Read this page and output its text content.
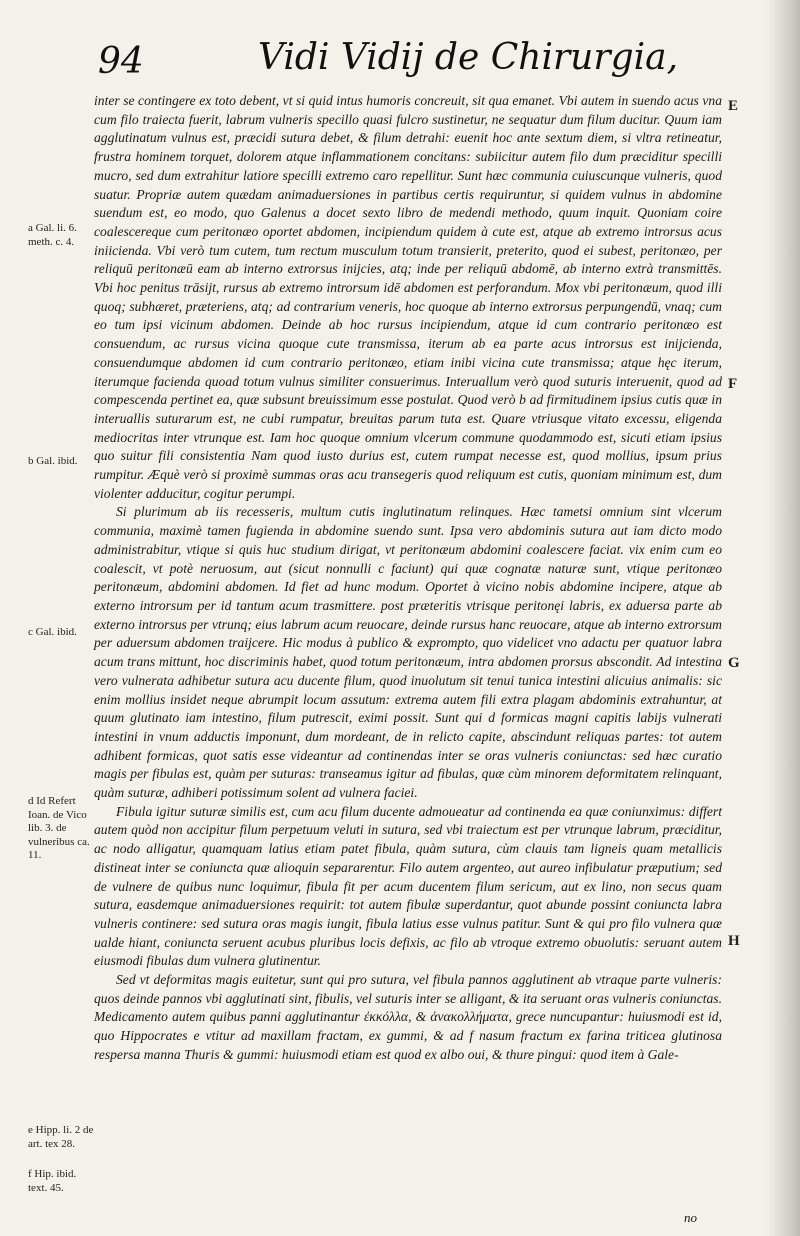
94	Vidi Vidij de Chirurgia,

inter se contingere ex toto debent, vt si quid intus humoris concreuit, sit qua emanet. Vbi autem in suendo acus vna cum filo traiecta fuerit, labrum vulneris specillo quasi fulcro sustinetur, ne sequatur dum filum ducitur. Quum iam agglutinatum vulnus est, præcidi sutura debet, & filum detrahi: euenit hoc ante sextum diem, si vltra retineatur, frustra hominem torquet, dolorem atque inflammationem concitans: subiicitur autem filo dum præciditur specilli mucro, sed dum extrahitur latiore specilli extremo caro repellitur. Sunt hæc communia cuiuscunque vulneris, quod suatur. Propriæ autem quædam animaduersiones in partibus certis requiruntur, si quidem vulnus in abdomine suendum est, eo modo, quo Galenus a docet sexto libro de medendi methodo, quum inquit. Quoniam coire coalescereque cum peritonæo oportet abdomen, incipiendum quidem à cute est, atque ab extremo introrsus acus iniicienda. Vbi verò tum cutem, tum rectum musculum totum transierit, preterito, quod ei subest, peritonæo, per reliquū peritonæū eam ab interno extrorsus inijcies, atq; inde per reliquū abdomē, ab interno extrà transmittēs. Vbi hoc penitus trāsijt, rursus ab extremo introrsum idē abdomen est perforandum. Mox vbi peritonæum, quod illi quoq; subhæret, præteriens, atq; ad contrarium veneris, hoc quoque ab interno extrorsus perpungendū, vnaq; cum eo tum ipsi vicinum abdomen. Deinde ab hoc rursus incipiendum, atque id cum contrario peritonæo est consuendum, ac rursus vicina quoque cute transmissa, iterum ab ea parte acus introrsus est inijcienda, consuendumque abdomen id cum contrario peritonæo, etiam inibi vicina cute transmissa; atque hęc iterum, iterumque facienda quoad totum vulnus similiter consuerimus. Interuallum verò quod suturis interuenit, quod ad compescenda pertinet ea, quæ subsunt breuissimum esse postulat. Quod verò b ad firmitudinem ipsius cutis quæ in interuallis suturarum est, ne cubi rumpatur, breuitas parum tuta est. Quare vtriusque vitato excessu, eligenda mediocritas inter vtrunque est. Iam hoc quoque omnium vlcerum commune quodammodo est, sicuti etiam ipsius quo suitur fili consistentia Nam quod iusto durius est, cutem rumpat necesse est, quod mollius, ipsum prius rumpitur. Æquè verò si proximè summas oras acu transegeris quod reliquum est cutis, quoniam minimum est, dum violenter adducitur, cogitur perumpi.

Si plurimum ab iis recesseris, multum cutis inglutinatum relinques. Hæc tametsi omnium sint vlcerum communia, maximè tamen fugienda in abdomine suendo sunt. Ipsa vero abdominis sutura aut iam dicto modo administrabitur, vtique si quis huc studium dirigat, vt peritonæum abdomini coalescere faciat. vix enim cum eo coalescit, vt potè neruosum, aut (sicut nonnulli c faciunt) qui quæ cognatæ naturæ sunt, vtique peritonæo peritonæum, abdomini abdomen. Id fiet ad hunc modum. Oportet à vicino nobis abdomine incipere, atque ab externo introrsum per id tantum acum trasmittere. post præteritis vtrisque peritonęi labris, ex aduersa parte ab externo introrsus per vtrunq; eius labrum acum reuocare, deinde rursus hanc reuocare, atque ab interno extrorsum per aduersum abdomen traijcere. Hic modus à publico & exprompto, quo videlicet vno adactu per quatuor labra acum trans mittunt, hoc discriminis habet, quod totum peritonæum, intra abdomen prorsus abscondit. Ad intestina vero vulnerata adhibetur sutura acu ducente filum, quod inuolutum sit tenui tunica intestini alicuius animalis: sic enim mollius insidet neque abrumpit locum assutum: extrema autem fili extra plagam abdominis extrahuntur, at quum glutinato iam intestino, filum putrescit, eximi possit. Sunt qui d formicas magni capitis labijs vulnerati intestini in vnum adductis imponunt, dum mordeant, de in relicto capite, abscindunt reliquas partes: tot autem adhibent formicas, quot satis esse videantur ad continendas inter se oras vulneris coniunctas: sed hæc curatio magis per fibulas est, quàm per suturas: transeamus igitur ad fibulas, quæ cùm minorem deformitatem relinquant, quàm suturæ, adhiberi potissimum solent ad vulnera faciei.

Fibula igitur suturæ similis est, cum acu filum ducente admoueatur ad continenda ea quæ coniunximus: differt autem quòd non accipitur filum perpetuum veluti in sutura, sed vbi traiectum est per vtrunque labrum, præciditur, ac nodo alligatur, quamquam latius etiam patet fibula, quàm sutura, cùm clauis tam ligneis quam metallicis distineat inter se coniuncta quæ alioquin separarentur. Filo autem argenteo, aut aureo infibulatur præputium; sed de vulnere de quibus nunc loquimur, fibula fit per acum ducentem filum sericum, aut ex lino, non secus quam sutura, easdemque animaduersiones requirit: tot autem fibulæ superdantur, quot abunde possint coniuncta labra vulneris continere: sed sutura oras magis iungit, fibula latius esse vulnus patitur. Sunt & qui pro filo vulnera quæ ualde hiant, coniuncta seruent acubus pluribus locis defixis, ac filo ab vtroque extremo obuolutis: seruant autem eiusmodi fibulas dum vulnera glutinentur.

Sed vt deformitas magis euitetur, sunt qui pro sutura, vel fibula pannos agglutinent ab vtraque parte vulneris: quos deinde pannos vbi agglutinati sint, fibulis, vel suturis inter se alligant, & ita seruant oras vulneris coniunctas. Medicamento autem quibus panni agglutinantur ἐκκόλλα, & ἀνακολλήματα, grece nuncupantur: huiusmodi est id, quo Hippocrates e vtitur ad maxillam fractam, ex gummi, & ad f nasum fractum ex farina triticea glutinosa respersa manna Thuris & gummi: huiusmodi etiam est quod ex albo oui, & thure pingui: quod item à Gale-

a Gal. li. 6. meth. c. 4.
b Gal. ibid.
c Gal. ibid.
d Id Refert Ioan. de Vico lib. 3. de vulneribus ca. 11.
e Hipp. li. 2 de art. tex 28.
f Hip. ibid. text. 45.
E
F
G
H
no
